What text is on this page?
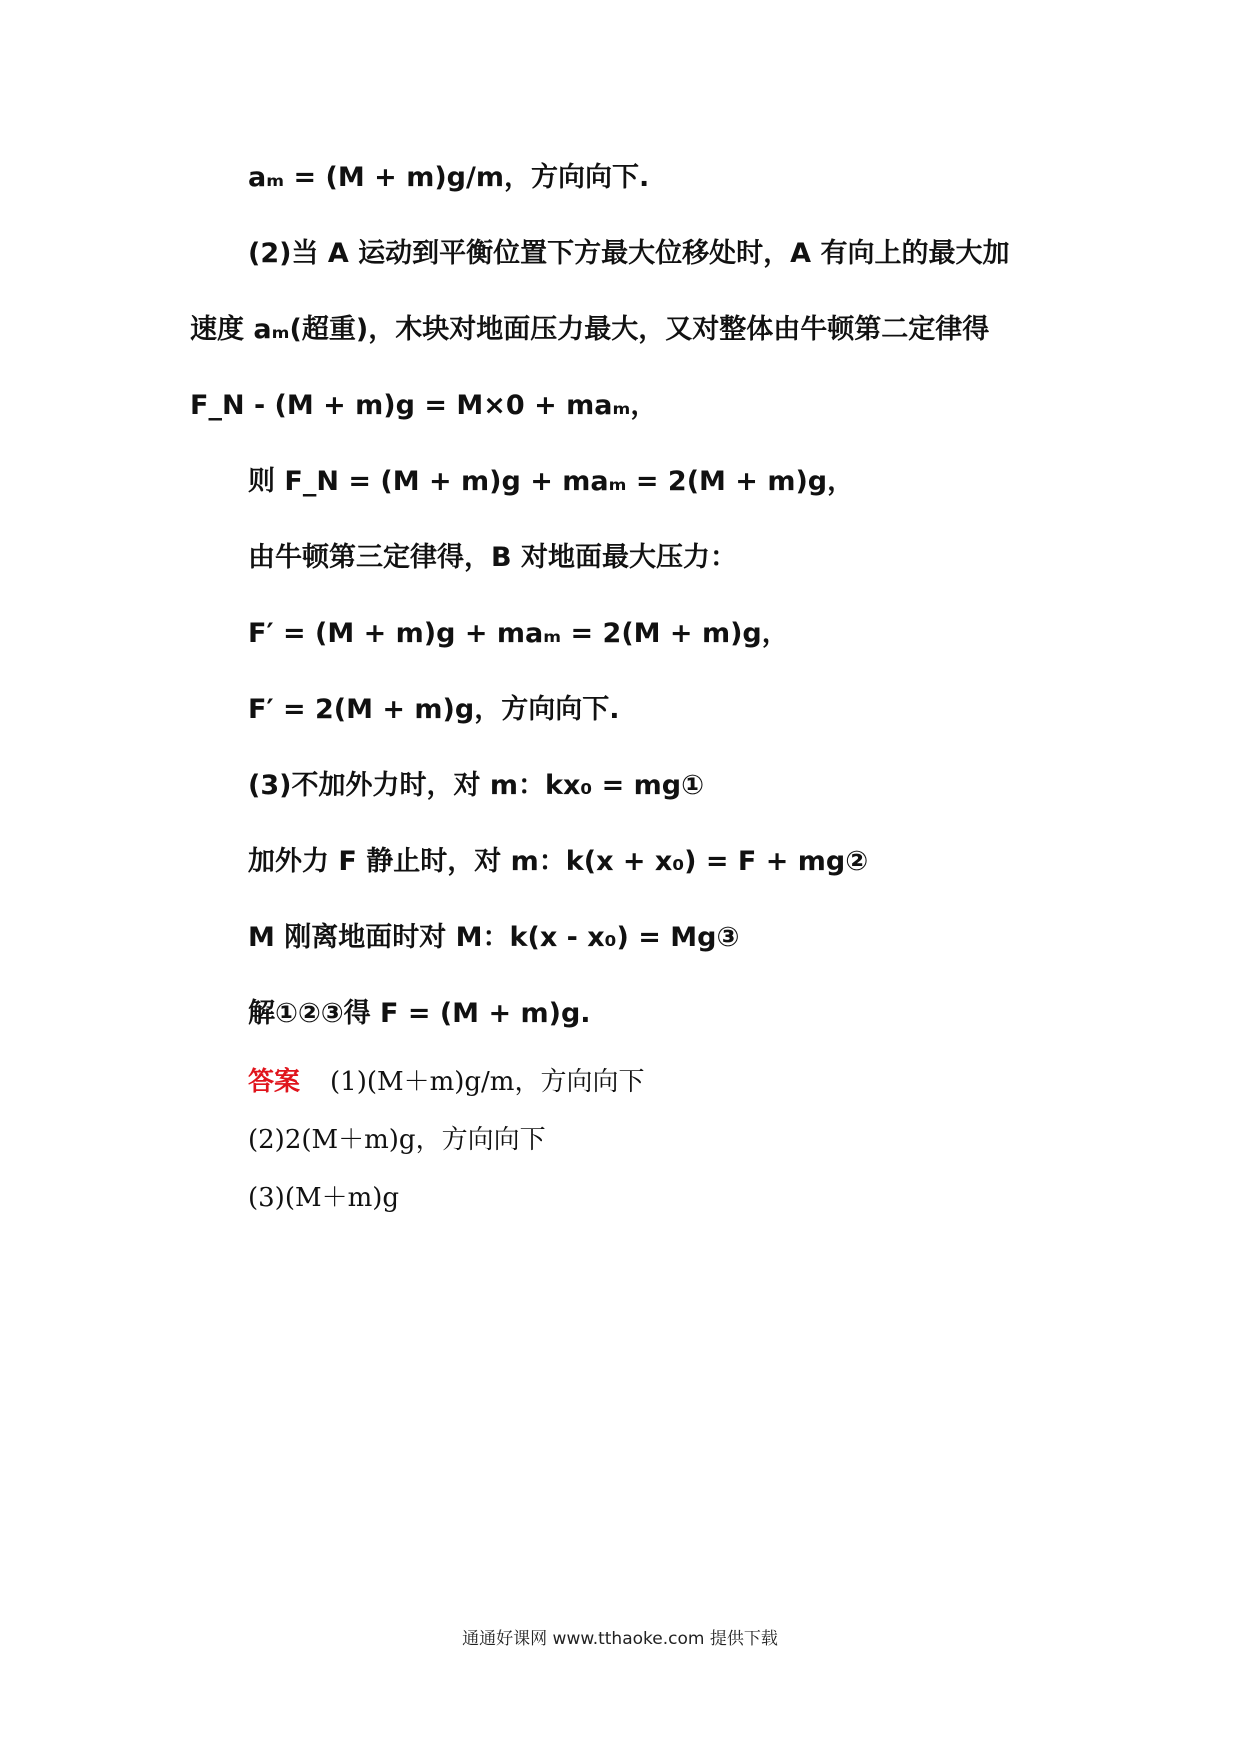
aₘ = (M + m)g/m，方向向下.
(2)当 A 运动到平衡位置下方最大位移处时，A 有向上的最大加
速度 aₘ(超重)，木块对地面压力最大，又对整体由牛顿第二定律得
F_N - (M + m)g = M×0 + maₘ，
则 F_N = (M + m)g + maₘ = 2(M + m)g，
由牛顿第三定律得，B 对地面最大压力：
F′ = (M + m)g + maₘ = 2(M + m)g，
F′ = 2(M + m)g，方向向下.
(3)不加外力时，对 m：kx₀ = mg①
加外力 F 静止时，对 m：k(x + x₀) = F + mg②
M 刚离地面时对 M：k(x - x₀) = Mg③
解①②③得 F = (M + m)g.
答案 (1)(M＋m)g/m，方向向下
(2)2(M＋m)g，方向向下
(3)(M＋m)g
通通好课网 www.tthaoke.com 提供下载
